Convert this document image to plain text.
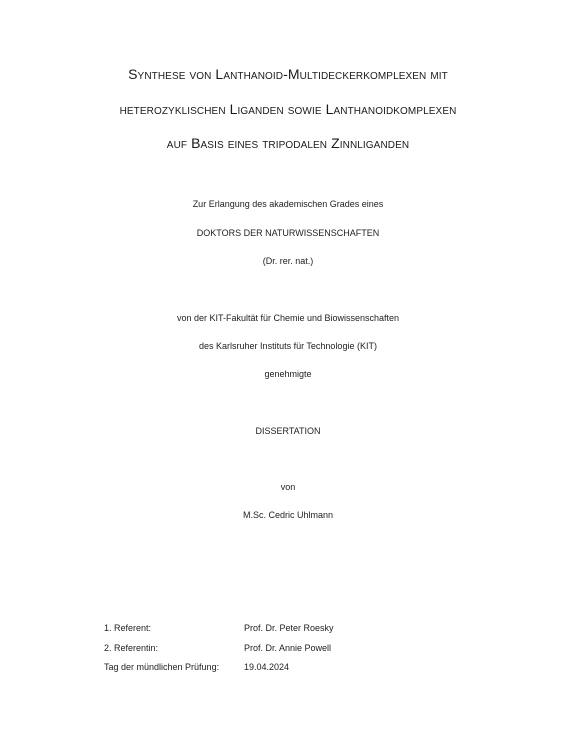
Synthese von Lanthanoid-Multideckerkomplexen mit
heterozyklischen Liganden sowie Lanthanoidkomplexen
auf Basis eines tripodalen Zinnliganden
Zur Erlangung des akademischen Grades eines
DOKTORS DER NATURWISSENSCHAFTEN
(Dr. rer. nat.)
von der KIT-Fakultät für Chemie und Biowissenschaften
des Karlsruher Instituts für Technologie (KIT)
genehmigte
DISSERTATION
von
M.Sc. Cedric Uhlmann
1. Referent:	Prof. Dr. Peter Roesky
2. Referentin:	Prof. Dr. Annie Powell
Tag der mündlichen Prüfung:	19.04.2024
